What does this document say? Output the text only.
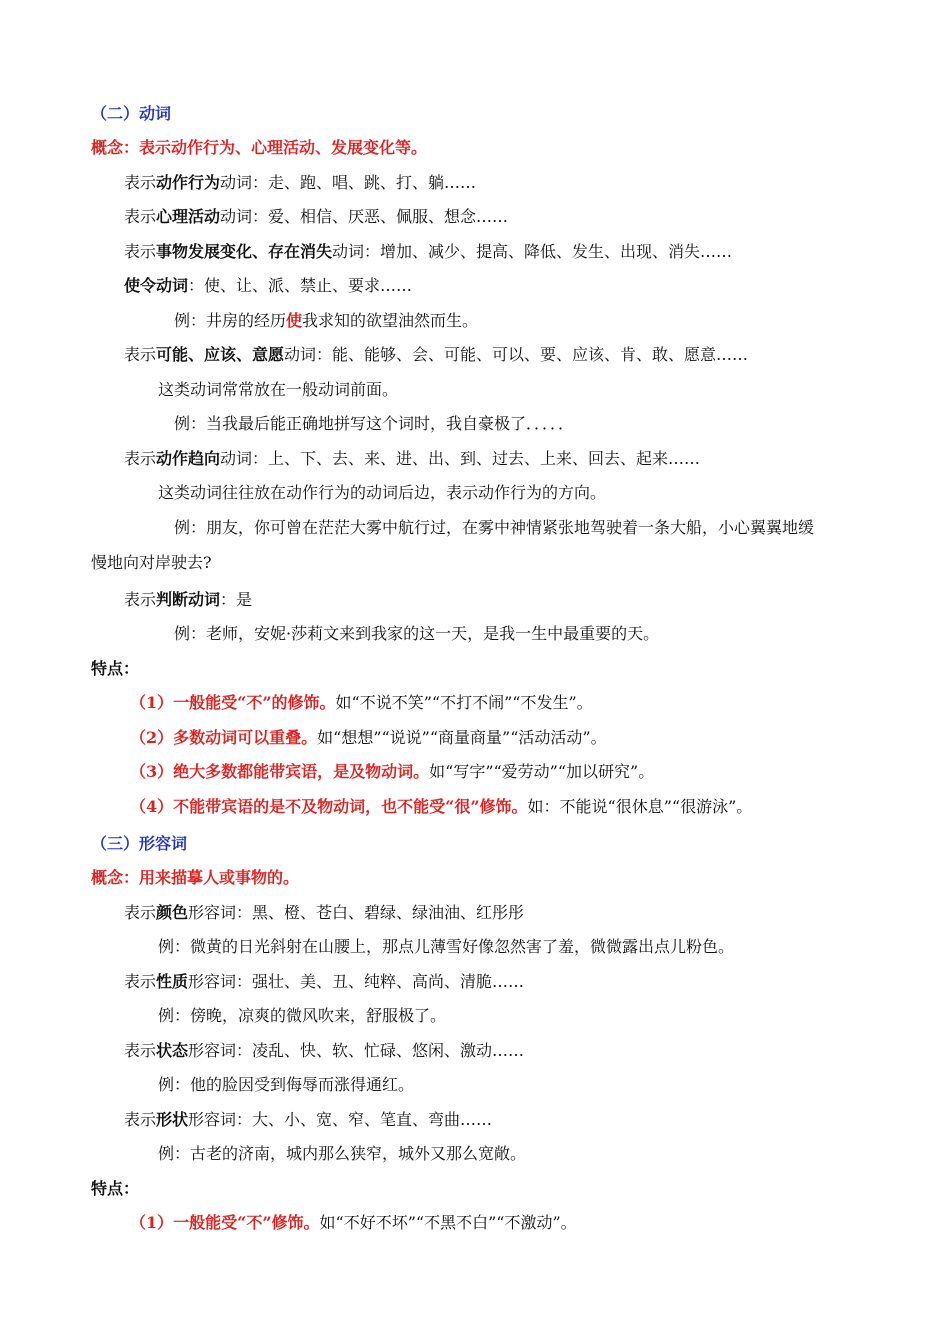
（二）动词
概念：表示动作行为、心理活动、发展变化等。
表示动作行为动词：走、跑、唱、跳、打、躺……
表示心理活动动词：爱、相信、厌恶、佩服、想念……
表示事物发展变化、存在消失动词：增加、减少、提高、降低、发生、出现、消失……
使令动词：使、让、派、禁止、要求……
例：井房的经历使我求知的欲望油然而生。
表示可能、应该、意愿动词：能、能够、会、可能、可以、要、应该、肯、敢、愿意……
这类动词常常放在一般动词前面。
例：当我最后能正确地拼写这个词时，我自豪极了．．．．．
表示动作趋向动词：上、下、去、来、进、出、到、过去、上来、回去、起来……
这类动词往往放在动作行为的动词后边，表示动作行为的方向。
例：朋友，你可曾在茫茫大雾中航行过，在雾中神情紧张地驾驶着一条大船，小心翼翼地缓
慢地向对岸驶去?
表示判断动词：是
例：老师，安妮·莎莉文来到我家的这一天，是我一生中最重要的天。
特点：
（1）一般能受“不”的修饰。如“不说不笑”“不打不闹”“不发生”。
（2）多数动词可以重叠。如“想想”“说说”“商量商量”“活动活动”。
（3）绝大多数都能带宾语，是及物动词。如“写字”“爱劳动”“加以研究”。
（4）不能带宾语的是不及物动词，也不能受“很”修饰。如：不能说“很休息”“很游泳”。
（三）形容词
概念：用来描摹人或事物的。
表示颜色形容词：黑、橙、苍白、碧绿、绿油油、红彤彤
例：微黄的日光斜射在山腰上，那点儿薄雪好像忽然害了羞，微微露出点儿粉色。
表示性质形容词：强壮、美、丑、纯粹、高尚、清脆……
例：傍晚，凉爽的微风吹来，舒服极了。
表示状态形容词：凌乱、快、软、忙碌、悠闲、激动……
例：他的脸因受到侮辱而涨得通红。
表示形状形容词：大、小、宽、窄、笔直、弯曲……
例：古老的济南，城内那么狭窄，城外又那么宽敞。
特点：
（1）一般能受“不”修饰。如“不好不坏”“不黑不白”“不激动”。
